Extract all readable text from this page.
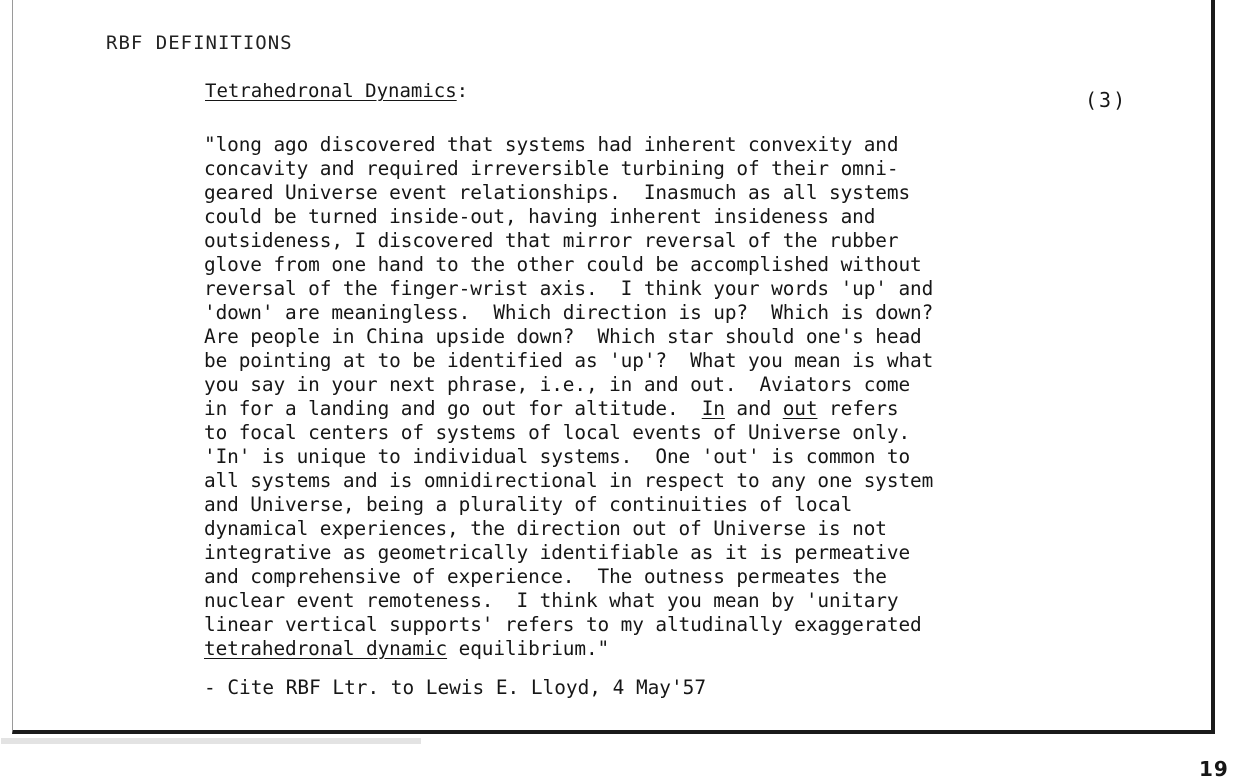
RBF DEFINITIONS
Tetrahedronal Dynamics:	(3)
"long ago discovered that systems had inherent convexity and
concavity and required irreversible turbining of their omni-
geared Universe event relationships.  Inasmuch as all systems
could be turned inside-out, having inherent insideness and
outsideness, I discovered that mirror reversal of the rubber
glove from one hand to the other could be accomplished without
reversal of the finger-wrist axis.  I think your words 'up' and
'down' are meaningless.  Which direction is up?  Which is down?
Are people in China upside down?  Which star should one's head
be pointing at to be identified as 'up'?  What you mean is what
you say in your next phrase, i.e., in and out.  Aviators come
in for a landing and go out for altitude.  In and out refers
to focal centers of systems of local events of Universe only.
'In' is unique to individual systems.  One 'out' is common to
all systems and is omnidirectional in respect to any one system
and Universe, being a plurality of continuities of local
dynamical experiences, the direction out of Universe is not
integrative as geometrically identifiable as it is permeative
and comprehensive of experience.  The outness permeates the
nuclear event remoteness.  I think what you mean by 'unitary
linear vertical supports' refers to my altudinally exaggerated
tetrahedronal dynamic equilibrium."
- Cite RBF Ltr. to Lewis E. Lloyd, 4 May'57
19
